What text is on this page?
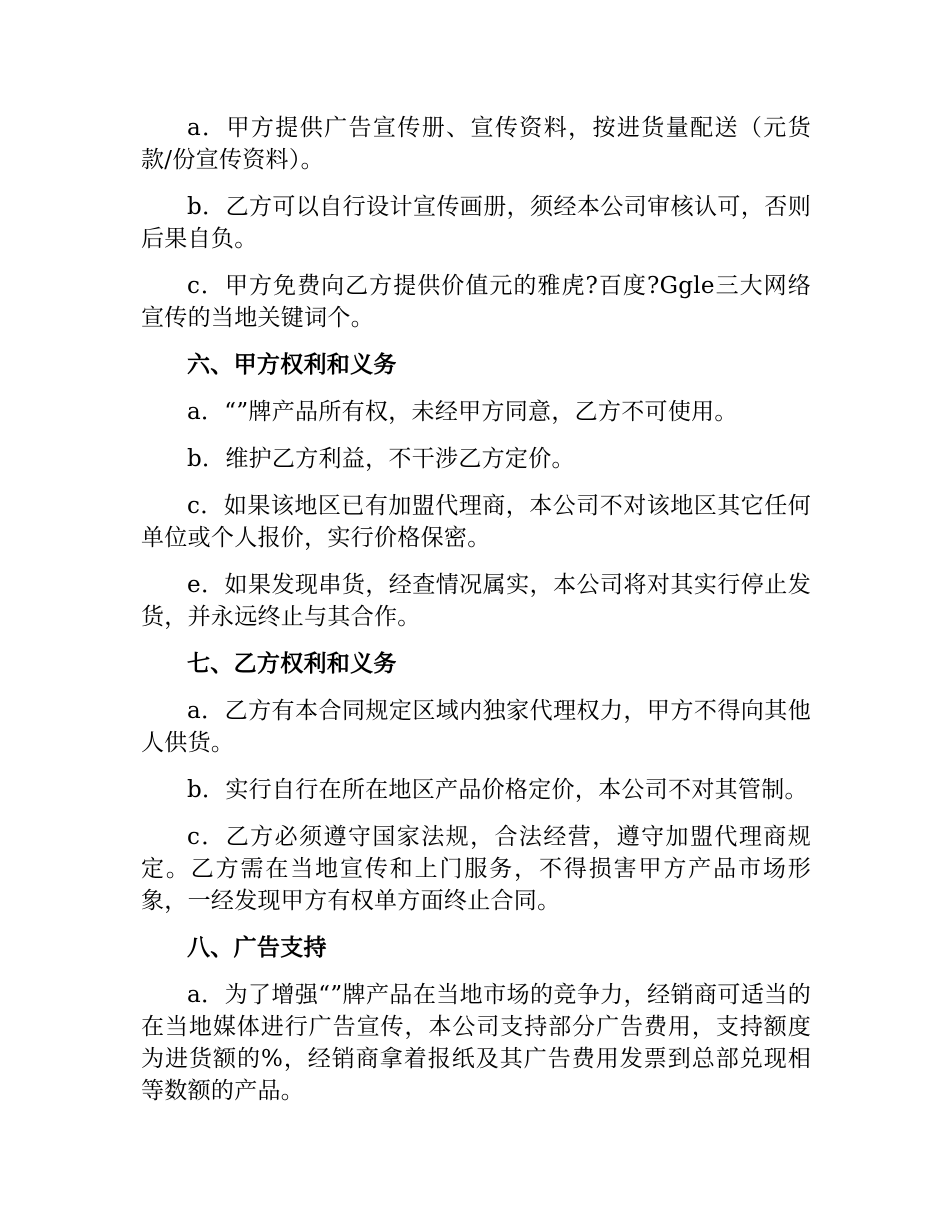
a．甲方提供广告宣传册、宣传资料，按进货量配送（元货款/份宣传资料）。

b．乙方可以自行设计宣传画册，须经本公司审核认可，否则后果自负。

c．甲方免费向乙方提供价值元的雅虎?百度?Ggle三大网络宣传的当地关键词个。

六、甲方权利和义务

a．“”牌产品所有权，未经甲方同意，乙方不可使用。

b．维护乙方利益，不干涉乙方定价。

c．如果该地区已有加盟代理商，本公司不对该地区其它任何单位或个人报价，实行价格保密。

e．如果发现串货，经查情况属实，本公司将对其实行停止发货，并永远终止与其合作。

七、乙方权利和义务

a．乙方有本合同规定区域内独家代理权力，甲方不得向其他人供货。

b．实行自行在所在地区产品价格定价，本公司不对其管制。

c．乙方必须遵守国家法规，合法经营，遵守加盟代理商规定。乙方需在当地宣传和上门服务，不得损害甲方产品市场形象，一经发现甲方有权单方面终止合同。

八、广告支持

a．为了增强“”牌产品在当地市场的竞争力，经销商可适当的在当地媒体进行广告宣传，本公司支持部分广告费用，支持额度为进货额的%，经销商拿着报纸及其广告费用发票到总部兑现相等数额的产品。
